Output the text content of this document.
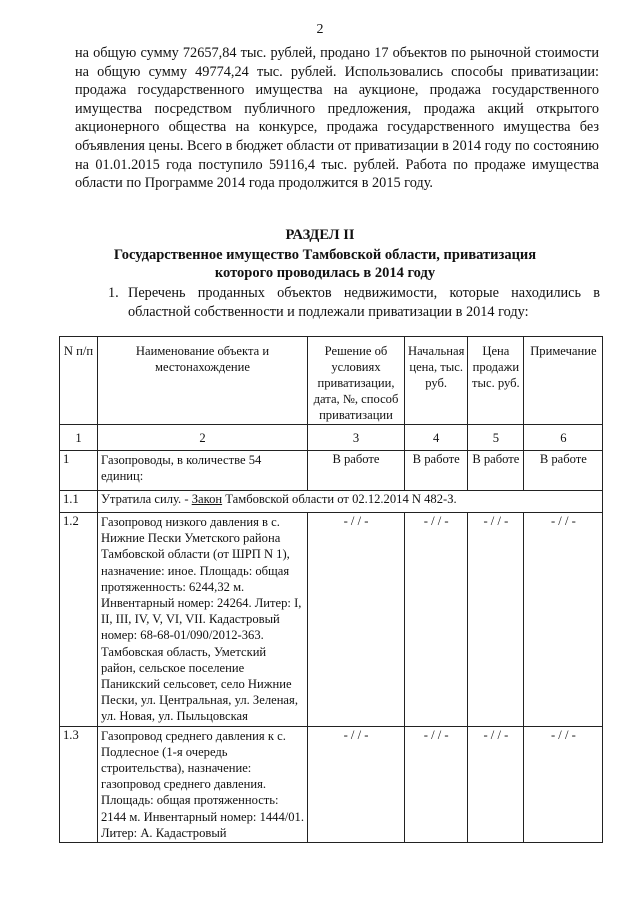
2
на общую сумму 72657,84 тыс. рублей, продано 17 объектов по рыночной стоимости на общую сумму 49774,24 тыс. рублей. Использовались способы приватизации: продажа государственного имущества на аукционе, продажа государственного имущества посредством публичного предложения, продажа акций открытого акционерного общества на конкурсе, продажа государственного имущества без объявления цены. Всего в бюджет области от приватизации в 2014 году по состоянию на 01.01.2015 года поступило 59116,4 тыс. рублей. Работа по продаже имущества области по Программе 2014 года продолжится в 2015 году.
РАЗДЕЛ II
Государственное имущество Тамбовской области, приватизация которого проводилась в 2014 году
1. Перечень проданных объектов недвижимости, которые находились в областной собственности и подлежали приватизации в 2014 году:
N п/п	Наименование объекта и местонахождение	Решение об условиях приватизации, дата, №, способ приватизации	Начальная цена, тыс. руб.	Цена продажи тыс. руб.	Примечание
1	2	3	4	5	6
1	Газопроводы, в количестве 54 единиц:	В работе	В работе	В работе	В работе
1.1	Утратила силу. - Закон Тамбовской области от 02.12.2014 N 482-З.				
1.2	Газопровод низкого давления в с. Нижние Пески Уметского района Тамбовской области (от ШРП N 1), назначение: иное. Площадь: общая протяженность: 6244,32 м. Инвентарный номер: 24264. Литер: I, II, III, IV, V, VI, VII. Кадастровый номер: 68-68-01/090/2012-363. Тамбовская область, Уметский район, сельское поселение Паникский сельсовет, село Нижние Пески, ул. Центральная, ул. Зеленая, ул. Новая, ул. Пыльцовская	- / / -	- / / -	- / / -	- / / -
1.3	Газопровод среднего давления к с. Подлесное (1-я очередь строительства), назначение: газопровод среднего давления. Площадь: общая протяженность: 2144 м. Инвентарный номер: 1444/01. Литер: А. Кадастровый	- / / -	- / / -	- / / -	- / / -
